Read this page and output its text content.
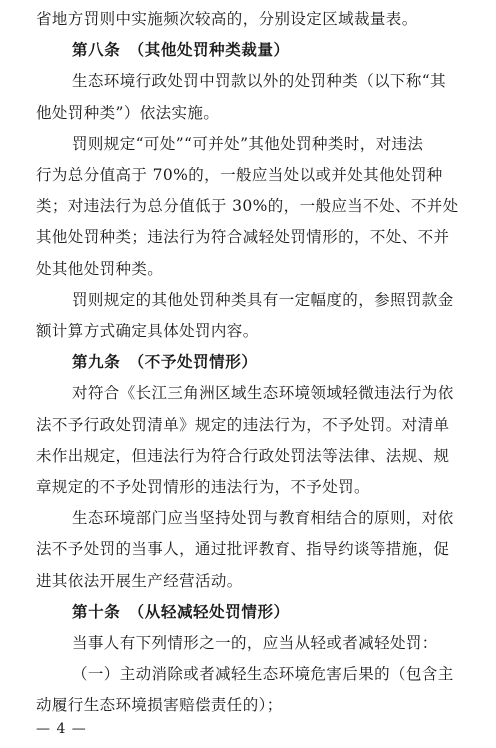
省地方罚则中实施频次较高的，分别设定区域裁量表。
第八条　（其他处罚种类裁量）
生态环境行政处罚中罚款以外的处罚种类（以下称“其
他处罚种类”）依法实施。
罚则规定“可处”“可并处”其他处罚种类时，对违法
行为总分值高于 70%的，一般应当处以或并处其他处罚种
类；对违法行为总分值低于 30%的，一般应当不处、不并处
其他处罚种类；违法行为符合减轻处罚情形的，不处、不并
处其他处罚种类。
罚则规定的其他处罚种类具有一定幅度的，参照罚款金
额计算方式确定具体处罚内容。
第九条　（不予处罚情形）
对符合《长江三角洲区域生态环境领域轻微违法行为依
法不予行政处罚清单》规定的违法行为，不予处罚。对清单
未作出规定，但违法行为符合行政处罚法等法律、法规、规
章规定的不予处罚情形的违法行为，不予处罚。
生态环境部门应当坚持处罚与教育相结合的原则，对依
法不予处罚的当事人，通过批评教育、指导约谈等措施，促
进其依法开展生产经营活动。
第十条　（从轻减轻处罚情形）
当事人有下列情形之一的，应当从轻或者减轻处罚：
（一）主动消除或者减轻生态环境危害后果的（包含主
动履行生态环境损害赔偿责任的）；
— 4 —
